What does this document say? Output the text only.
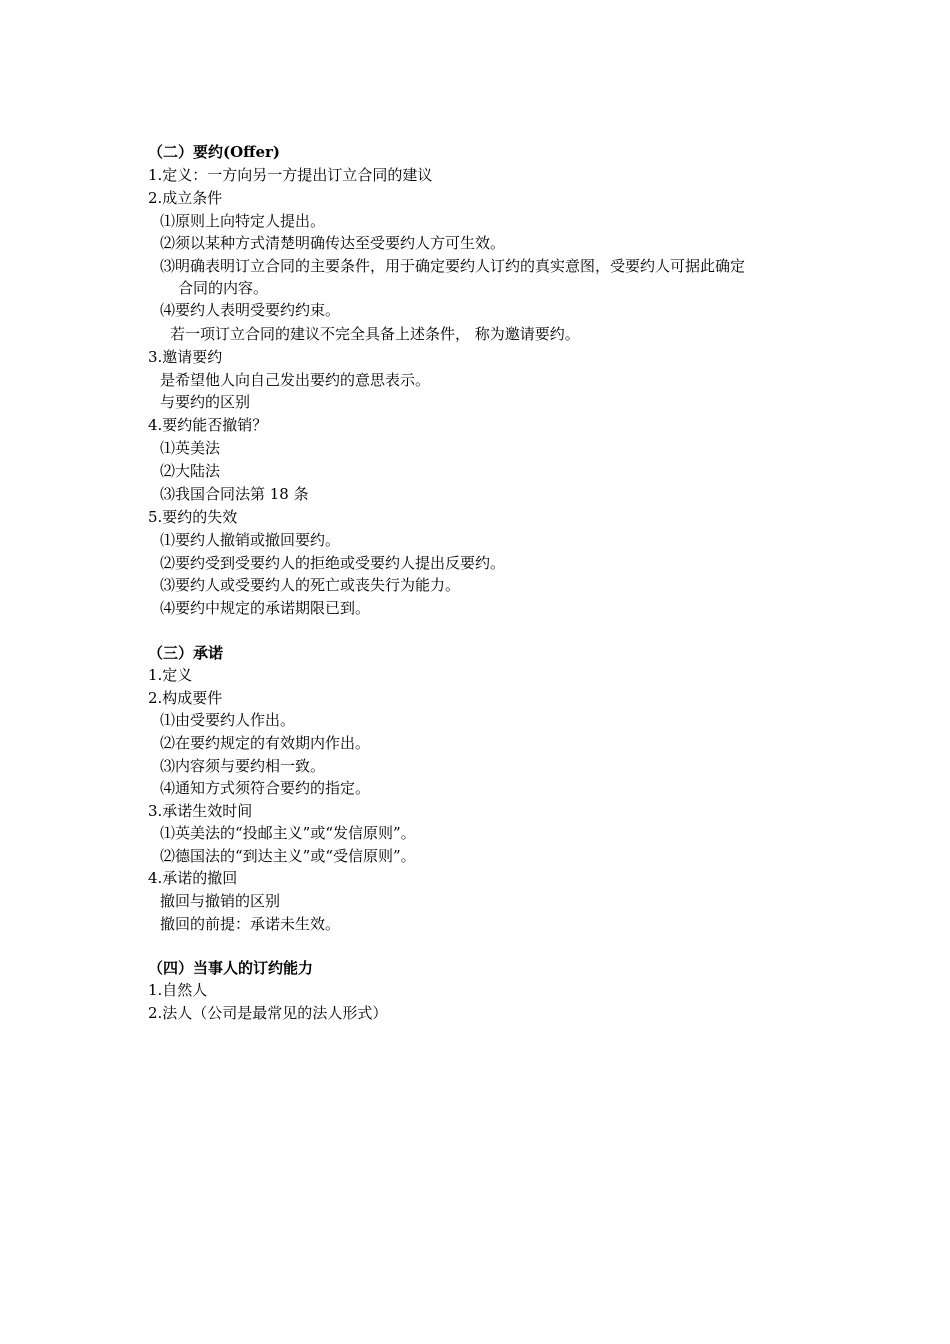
（二）要约(Offer)
1.定义：一方向另一方提出订立合同的建议
2.成立条件
⑴原则上向特定人提出。
⑵须以某种方式清楚明确传达至受要约人方可生效。
⑶明确表明订立合同的主要条件，用于确定要约人订约的真实意图，受要约人可据此确定
合同的内容。
⑷要约人表明受要约约束。
若一项订立合同的建议不完全具备上述条件， 称为邀请要约。
3.邀请要约
是希望他人向自己发出要约的意思表示。
与要约的区别
4.要约能否撤销？
⑴英美法
⑵大陆法
⑶我国合同法第 18 条
5.要约的失效
⑴要约人撤销或撤回要约。
⑵要约受到受要约人的拒绝或受要约人提出反要约。
⑶要约人或受要约人的死亡或丧失行为能力。
⑷要约中规定的承诺期限已到。
（三）承诺
1.定义
2.构成要件
⑴由受要约人作出。
⑵在要约规定的有效期内作出。
⑶内容须与要约相一致。
⑷通知方式须符合要约的指定。
3.承诺生效时间
⑴英美法的“投邮主义”或“发信原则”。
⑵德国法的“到达主义”或“受信原则”。
4.承诺的撤回
撤回与撤销的区别
撤回的前提：承诺未生效。
（四）当事人的订约能力
1.自然人
2.法人（公司是最常见的法人形式）
